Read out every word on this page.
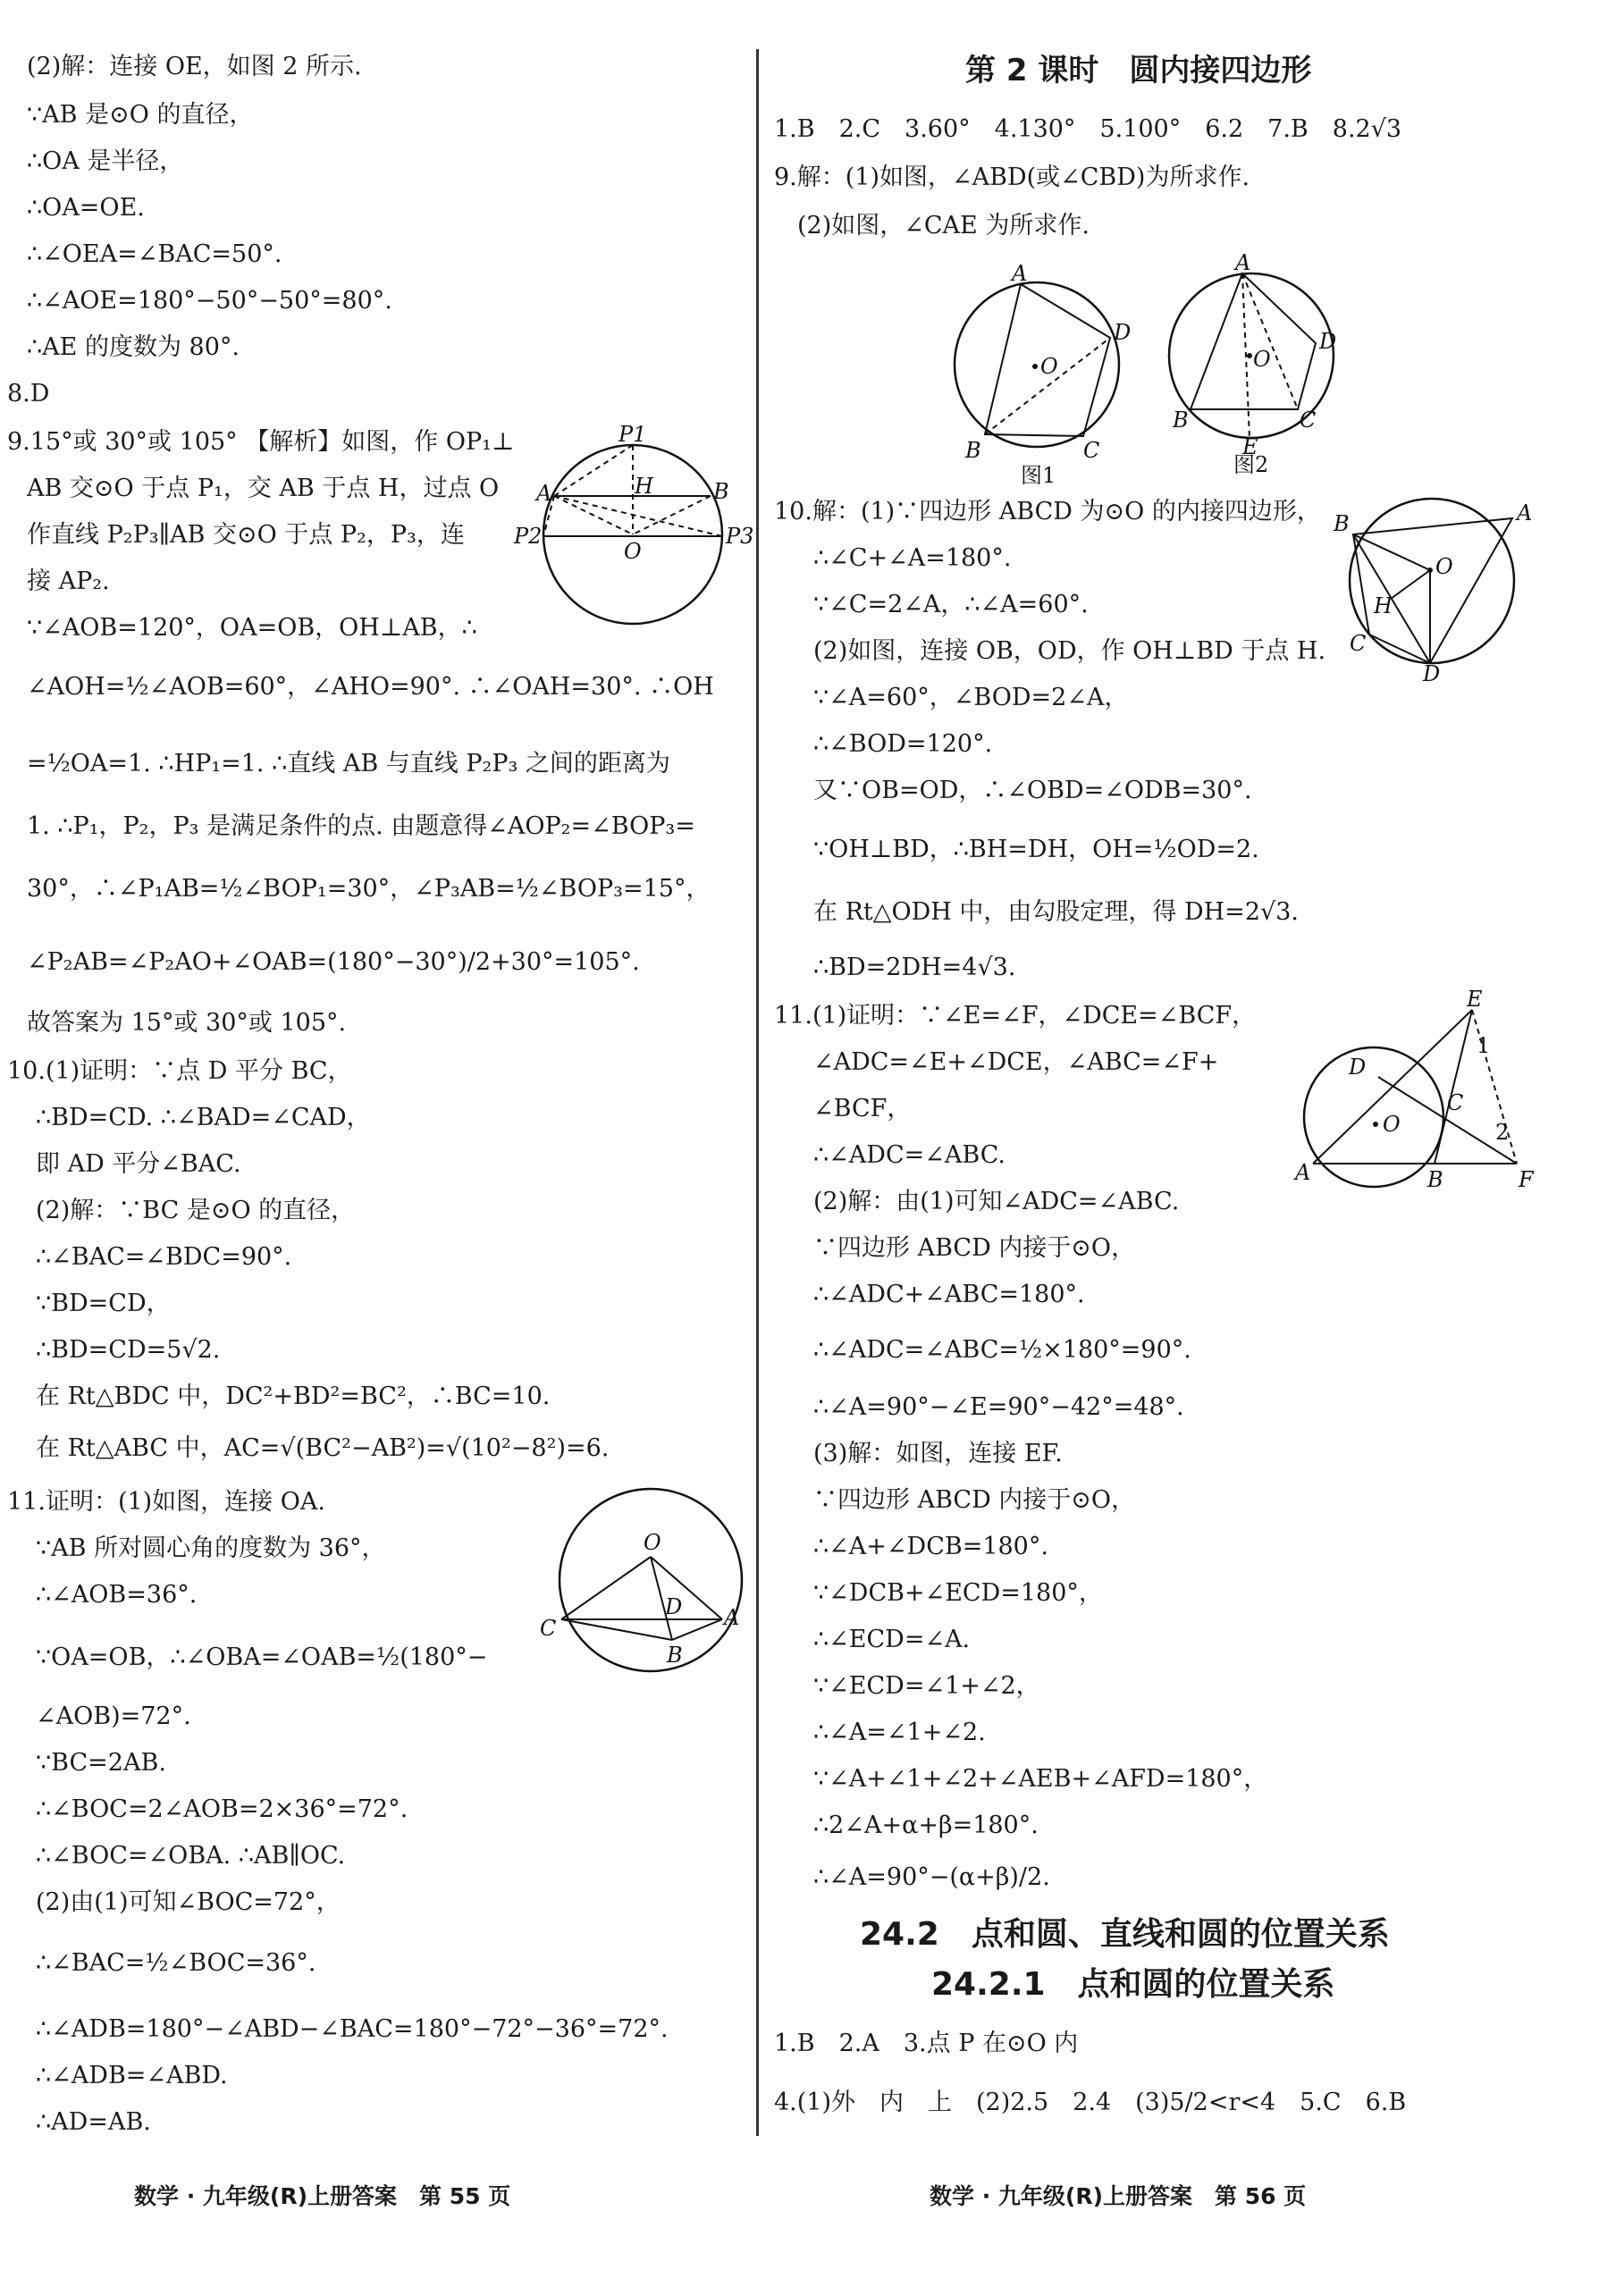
(2)解：连接 OE，如图 2 所示.
∵AB 是⊙O 的直径，
∴OA 是半径，
∴OA=OE.
∴∠OEA=∠BAC=50°.
∴∠AOE=180°−50°−50°=80°.
∴AE 的度数为 80°.
8.D
9.15°或 30°或 105° 【解析】如图，作 OP₁⊥
AB 交⊙O 于点 P₁，交 AB 于点 H，过点 O
作直线 P₂P₃∥AB 交⊙O 于点 P₂，P₃，连
接 AP₂.
∵∠AOB=120°，OA=OB，OH⊥AB，∴
∠AOH=½∠AOB=60°，∠AHO=90°. ∴∠OAH=30°. ∴OH
=½OA=1. ∴HP₁=1. ∴直线 AB 与直线 P₂P₃ 之间的距离为
1. ∴P₁，P₂，P₃ 是满足条件的点. 由题意得∠AOP₂=∠BOP₃=
30°，∴∠P₁AB=½∠BOP₁=30°，∠P₃AB=½∠BOP₃=15°，
∠P₂AB=∠P₂AO+∠OAB=(180°−30°)/2+30°=105°.
故答案为 15°或 30°或 105°.
10.(1)证明：∵点 D 平分 BC，
∴BD=CD. ∴∠BAD=∠CAD，
即 AD 平分∠BAC.
(2)解：∵BC 是⊙O 的直径，
∴∠BAC=∠BDC=90°.
∵BD=CD，
∴BD=CD=5√2.
在 Rt△BDC 中，DC²+BD²=BC²，∴BC=10.
在 Rt△ABC 中，AC=√(BC²−AB²)=√(10²−8²)=6.
11.证明：(1)如图，连接 OA.
∵AB 所对圆心角的度数为 36°，
∴∠AOB=36°.
∵OA=OB，∴∠OBA=∠OAB=½(180°−
∠AOB)=72°.
∵BC=2AB.
∴∠BOC=2∠AOB=2×36°=72°.
∴∠BOC=∠OBA. ∴AB∥OC.
(2)由(1)可知∠BOC=72°，
∴∠BAC=½∠BOC=36°.
∴∠ADB=180°−∠ABD−∠BAC=180°−72°−36°=72°.
∴∠ADB=∠ABD.
∴AD=AB.
P1
A	H	B
P2
O
P3
O
C
D A
B
第 2 课时　圆内接四边形
1.B　2.C　3.60°　4.130°　5.100°　6.2　7.B　8.2√3
9.解：(1)如图，∠ABD(或∠CBD)为所求作.
(2)如图，∠CAE 为所求作.
A
O
D
B	C
图1
A
O
D
B
E
C
图2
10.解：(1)∵四边形 ABCD 为⊙O 的内接四边形，
∴∠C+∠A=180°.
∵∠C=2∠A，∴∠A=60°.
(2)如图，连接 OB，OD，作 OH⊥BD 于点 H.
∵∠A=60°，∠BOD=2∠A，
∴∠BOD=120°.
又∵OB=OD，∴∠OBD=∠ODB=30°.
∵OH⊥BD，∴BH=DH，OH=½OD=2.
在 Rt△ODH 中，由勾股定理，得 DH=2√3.
∴BD=2DH=4√3.
B	A
O
H
C
D
11.(1)证明：∵∠E=∠F，∠DCE=∠BCF，
∠ADC=∠E+∠DCE，∠ABC=∠F+
∠BCF，
∴∠ADC=∠ABC.
(2)解：由(1)可知∠ADC=∠ABC.
∵四边形 ABCD 内接于⊙O，
∴∠ADC+∠ABC=180°.
∴∠ADC=∠ABC=½×180°=90°.
∴∠A=90°−∠E=90°−42°=48°.
(3)解：如图，连接 EF.
∵四边形 ABCD 内接于⊙O，
∴∠A+∠DCB=180°.
∵∠DCB+∠ECD=180°，
∴∠ECD=∠A.
∵∠ECD=∠1+∠2，
∴∠A=∠1+∠2.
∵∠A+∠1+∠2+∠AEB+∠AFD=180°，
∴2∠A+α+β=180°.
∴∠A=90°−(α+β)/2.
E
D
1
C
O	2
A	B	F
24.2　点和圆、直线和圆的位置关系
24.2.1　点和圆的位置关系
1.B　2.A　3.点 P 在⊙O 内
4.(1)外　内　上　(2)2.5　2.4　(3)5/2<r<4　5.C　6.B
数学 · 九年级(R)上册答案　第 55 页	数学 · 九年级(R)上册答案　第 56 页
